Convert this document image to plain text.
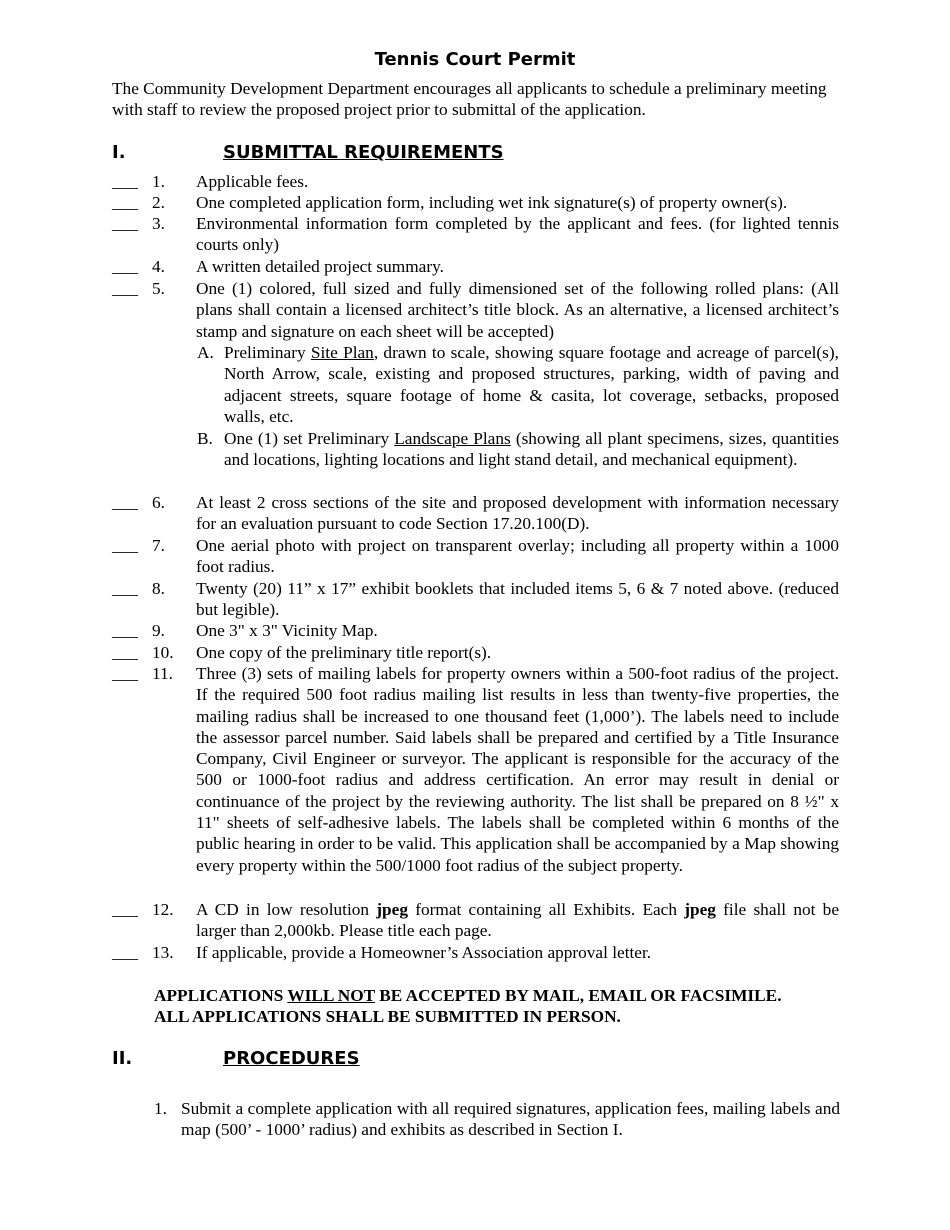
Tennis Court Permit
The Community Development Department encourages all applicants to schedule a preliminary meeting with staff to review the proposed project prior to submittal of the application.
I.	SUBMITTAL REQUIREMENTS
___ 1. Applicable fees.
___ 2. One completed application form, including wet ink signature(s) of property owner(s).
___ 3. Environmental information form completed by the applicant and fees. (for lighted tennis courts only)
___ 4. A written detailed project summary.
___ 5. One (1) colored, full sized and fully dimensioned set of the following rolled plans: (All plans shall contain a licensed architect’s title block. As an alternative, a licensed architect’s stamp and signature on each sheet will be accepted)
A. Preliminary Site Plan, drawn to scale, showing square footage and acreage of parcel(s), North Arrow, scale, existing and proposed structures, parking, width of paving and adjacent streets, square footage of home & casita, lot coverage, setbacks, proposed walls, etc.
B. One (1) set Preliminary Landscape Plans (showing all plant specimens, sizes, quantities and locations, lighting locations and light stand detail, and mechanical equipment).
___ 6. At least 2 cross sections of the site and proposed development with information necessary for an evaluation pursuant to code Section 17.20.100(D).
___ 7. One aerial photo with project on transparent overlay; including all property within a 1000 foot radius.
___ 8. Twenty (20) 11” x 17” exhibit booklets that included items 5, 6 & 7 noted above. (reduced but legible).
___ 9. One 3" x 3" Vicinity Map.
___ 10. One copy of the preliminary title report(s).
___ 11. Three (3) sets of mailing labels for property owners within a 500-foot radius of the project. If the required 500 foot radius mailing list results in less than twenty-five properties, the mailing radius shall be increased to one thousand feet (1,000’). The labels need to include the assessor parcel number. Said labels shall be prepared and certified by a Title Insurance Company, Civil Engineer or surveyor. The applicant is responsible for the accuracy of the 500 or 1000-foot radius and address certification. An error may result in denial or continuance of the project by the reviewing authority. The list shall be prepared on 8 ½" x 11" sheets of self-adhesive labels. The labels shall be completed within 6 months of the public hearing in order to be valid. This application shall be accompanied by a Map showing every property within the 500/1000 foot radius of the subject property.
___ 12. A CD in low resolution jpeg format containing all Exhibits. Each jpeg file shall not be larger than 2,000kb. Please title each page.
___ 13. If applicable, provide a Homeowner’s Association approval letter.
APPLICATIONS WILL NOT BE ACCEPTED BY MAIL, EMAIL OR FACSIMILE.
ALL APPLICATIONS SHALL BE SUBMITTED IN PERSON.
II.	PROCEDURES
1. Submit a complete application with all required signatures, application fees, mailing labels and map (500’ - 1000’ radius) and exhibits as described in Section I.
